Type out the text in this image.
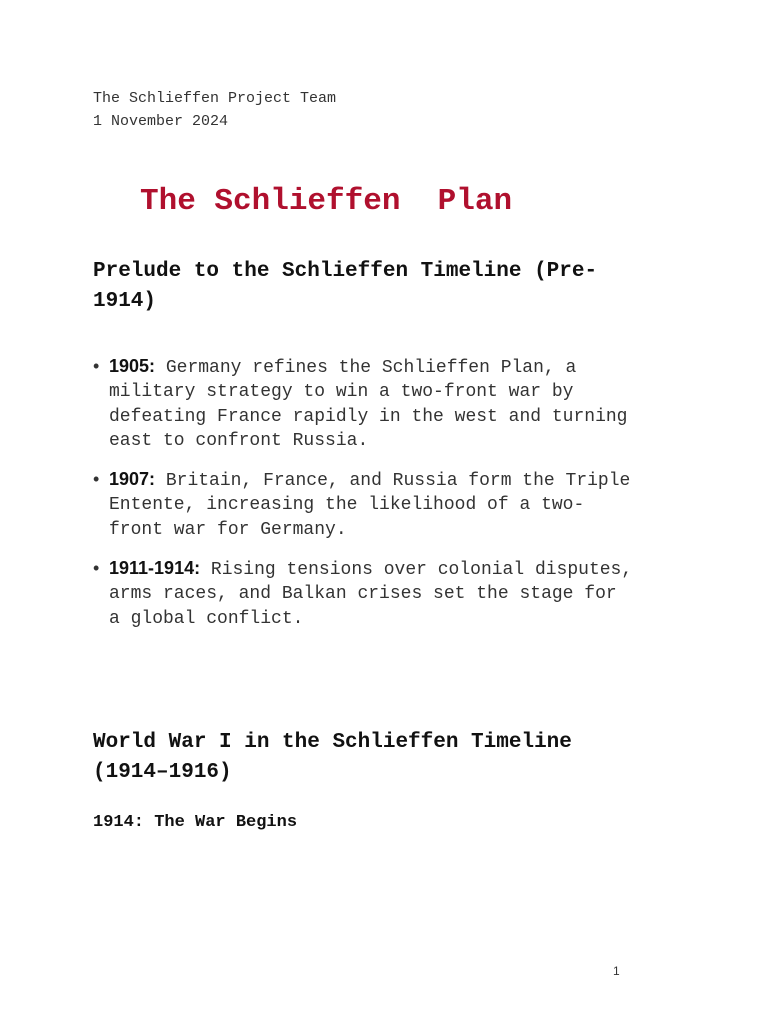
The Schlieffen Project Team
1 November 2024
The Schlieffen  Plan
Prelude to the Schlieffen Timeline (Pre-1914)
• 1905: Germany refines the Schlieffen Plan, a military strategy to win a two-front war by defeating France rapidly in the west and turning east to confront Russia.
• 1907: Britain, France, and Russia form the Triple Entente, increasing the likelihood of a two-front war for Germany.
• 1911-1914: Rising tensions over colonial disputes, arms races, and Balkan crises set the stage for a global conflict.
World War I in the Schlieffen Timeline (1914–1916)
1914: The War Begins
1
